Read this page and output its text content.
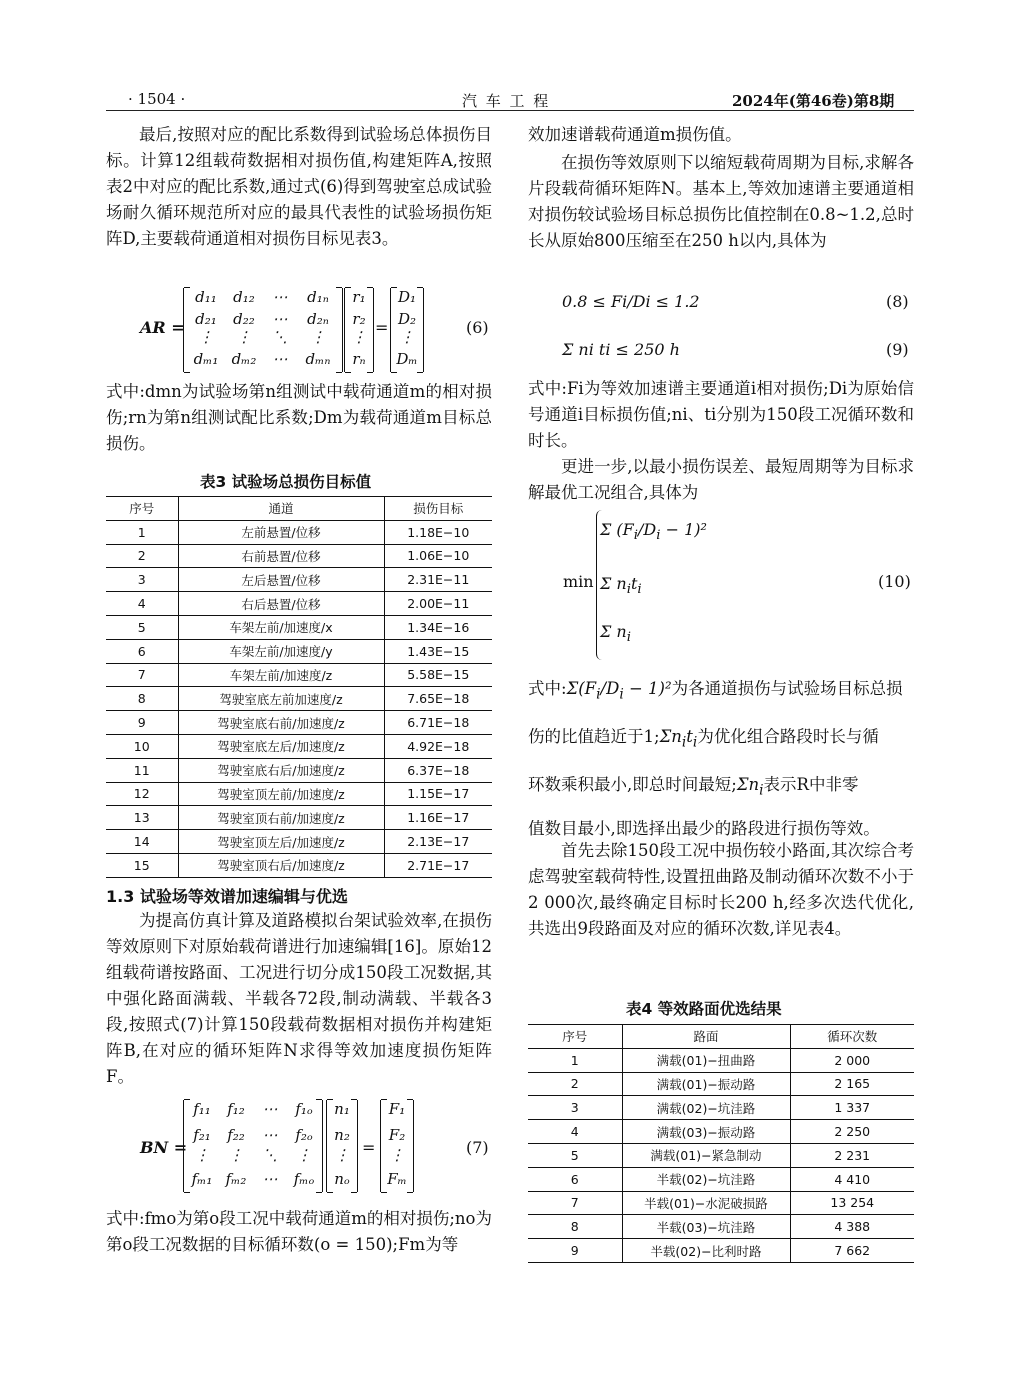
· 1504 ·	汽 车 工 程	2024年(第46卷)第8期

最后,按照对应的配比系数得到试验场总体损伤目标。计算12组载荷数据相对损伤值,构建矩阵A,按照表2中对应的配比系数,通过式(6)得到驾驶室总成试验场耐久循环规范所对应的最具代表性的试验场损伤矩阵D,主要载荷通道相对损伤目标见表3。

AR =
d₁₁	d₁₂	⋯	d₁ₙ
d₂₁	d₂₂	⋯	d₂ₙ
⋮	⋮	⋱	⋮
dₘ₁ dₘ₂	⋯	dₘₙ
r₁
r₂
⋮
rₙ
=
D₁
D₂
⋮
Dₘ
(6)

式中:dmn为试验场第n组测试中载荷通道m的相对损伤;rn为第n组测试配比系数;Dm为载荷通道m目标总损伤。

表3 试验场总损伤目标值
序号	通道	损伤目标
1	左前悬置/位移	1.18E−10
2	右前悬置/位移	1.06E−10
3	左后悬置/位移	2.31E−11
4	右后悬置/位移	2.00E−11
5	车架左前/加速度/x	1.34E−16
6	车架左前/加速度/y	1.43E−15
7	车架左前/加速度/z	5.58E−15
8	驾驶室底左前加速度/z	7.65E−18
9	驾驶室底右前/加速度/z	6.71E−18
10	驾驶室底左后/加速度/z	4.92E−18
11	驾驶室底右后/加速度/z	6.37E−18
12	驾驶室顶左前/加速度/z	1.15E−17
13	驾驶室顶右前/加速度/z	1.16E−17
14	驾驶室顶左后/加速度/z	2.13E−17
15	驾驶室顶右后/加速度/z	2.71E−17
1.3 试验场等效谱加速编辑与优选

为提高仿真计算及道路模拟台架试验效率,在损伤等效原则下对原始载荷谱进行加速编辑[16]。原始12组载荷谱按路面、工况进行切分成150段工况数据,其中强化路面满载、半载各72段,制动满载、半载各3段,按照式(7)计算150段载荷数据相对损伤并构建矩阵B,在对应的循环矩阵N求得等效加速度损伤矩阵F。

BN =
f₁₁	f₁₂	⋯	f₁ₒ
f₂₁	f₂₂	⋯	f₂ₒ
⋮	⋮	⋱	⋮
fₘ₁ fₘ₂	⋯	fₘₒ
n₁
n₂
⋮
nₒ
=
F₁
F₂
⋮
Fₘ
(7)

式中:fmo为第o段工况中载荷通道m的相对损伤;no为第o段工况数据的目标循环数(o = 150);Fm为等

效加速谱载荷通道m损伤值。

在损伤等效原则下以缩短载荷周期为目标,求解各片段载荷循环矩阵N。基本上,等效加速谱主要通道相对损伤较试验场目标总损伤比值控制在0.8~1.2,总时长从原始800压缩至在250 h以内,具体为

0.8 ≤ Fi/Di ≤ 1.2	(8)
Σ ni ti ≤ 250 h	(9)

式中:Fi为等效加速谱主要通道i相对损伤;Di为原始信号通道i目标损伤值;ni、ti分别为150段工况循环数和时长。

更进一步,以最小损伤误差、最短周期等为目标求解最优工况组合,具体为

min
Σ $(F_i/D_i - 1)^2$
Σ $n_it_i$
Σ $n_i$
(10)
式中$:\Sigma(F_i/D_i - 1)^2$为各通道损伤与试验场目标总损
伤的比值趋近于$1;\Sigma n_it_i$为优化组合路段时长与循
环数乘积最小,即总时间最短$;\Sigma n_i$表示R中非零
值数目最小,即选择出最少的路段进行损伤等效。

首先去除150段工况中损伤较小路面,其次综合考虑驾驶室载荷特性,设置扭曲路及制动循环次数不小于2 000次,最终确定目标时长200 h,经多次迭代优化,共选出9段路面及对应的循环次数,详见表4。

表4 等效路面优选结果
序号	路面	循环次数
1	满载(01)−扭曲路	2 000
2	满载(01)−振动路	2 165
3	满载(02)−坑洼路	1 337
4	满载(03)−振动路	2 250
5	满载(01)−紧急制动	2 231
6	半载(02)−坑洼路	4 410
7	半载(01)−水泥破损路	13 254
8	半载(03)−坑洼路	4 388
9	半载(02)−比利时路	7 662
